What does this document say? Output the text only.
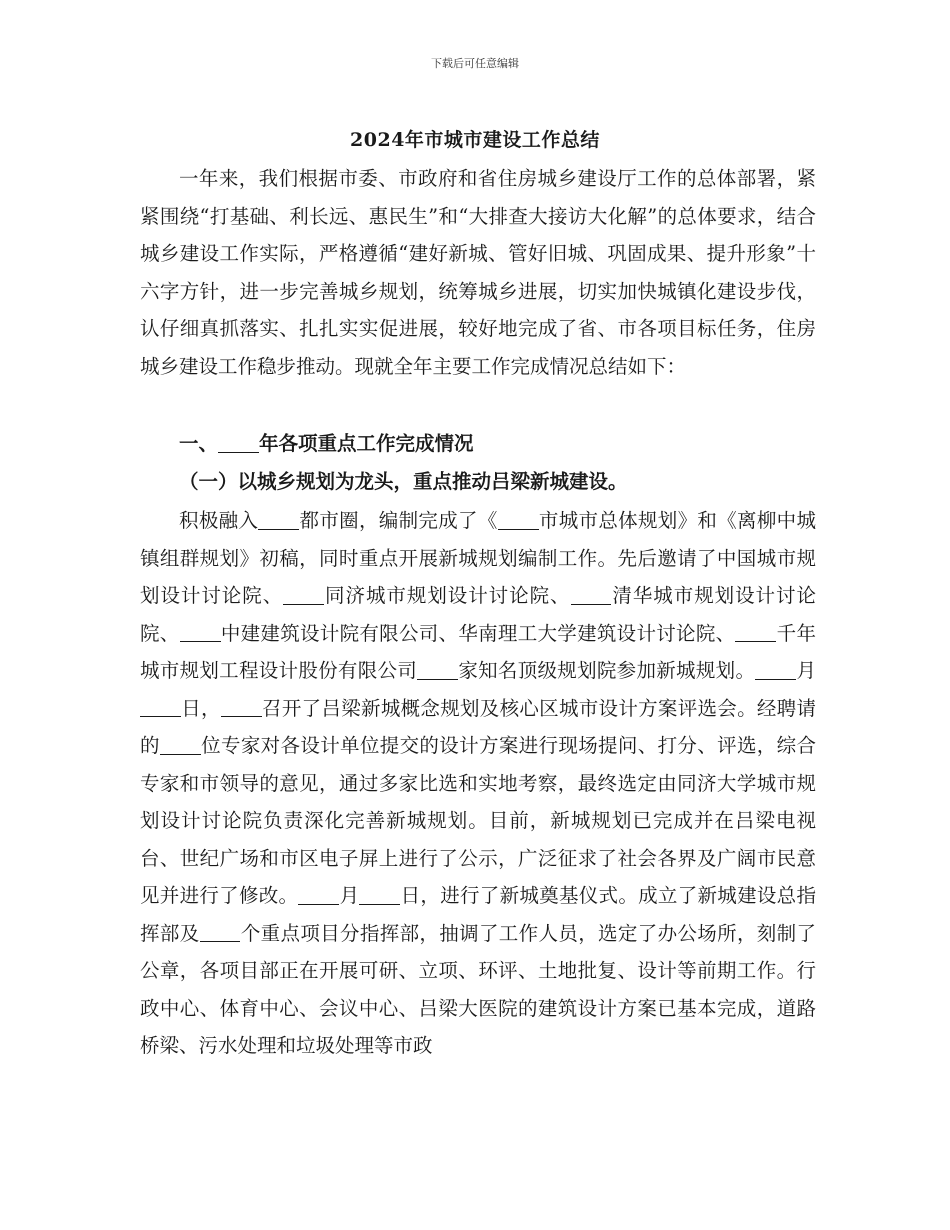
下载后可任意编辑
2024年市城市建设工作总结

一年来，我们根据市委、市政府和省住房城乡建设厅工作的总体部署，紧紧围绕“打基础、利长远、惠民生”和“大排查大接访大化解”的总体要求，结合城乡建设工作实际，严格遵循“建好新城、管好旧城、巩固成果、提升形象”十六字方针，进一步完善城乡规划，统筹城乡进展，切实加快城镇化建设步伐，认仔细真抓落实、扎扎实实促进展，较好地完成了省、市各项目标任务，住房城乡建设工作稳步推动。现就全年主要工作完成情况总结如下：

一、 年各项重点工作完成情况

（一）以城乡规划为龙头，重点推动吕梁新城建设。

积极融入 都市圈，编制完成了《 市城市总体规划》和《离柳中城镇组群规划》初稿，同时重点开展新城规划编制工作。先后邀请了中国城市规划设计讨论院、 同济城市规划设计讨论院、 清华城市规划设计讨论院、 中建建筑设计院有限公司、华南理工大学建筑设计讨论院、 千年城市规划工程设计股份有限公司 家知名顶级规划院参加新城规划。 月日， 召开了吕梁新城概念规划及核心区城市设计方案评选会。经聘请的 位专家对各设计单位提交的设计方案进行现场提问、打分、评选，综合专家和市领导的意见，通过多家比选和实地考察，最终选定由同济大学城市规划设计讨论院负责深化完善新城规划。目前，新城规划已完成并在吕梁电视台、世纪广场和市区电子屏上进行了公示，广泛征求了社会各界及广阔市民意见并进行了修改。 月 日，进行了新城奠基仪式。成立了新城建设总指挥部及 个重点项目分指挥部，抽调了工作人员，选定了办公场所，刻制了公章，各项目部正在开展可研、立项、环评、土地批复、设计等前期工作。行政中心、体育中心、会议中心、吕梁大医院的建筑设计方案已基本完成，道路桥梁、污水处理和垃圾处理等市政
